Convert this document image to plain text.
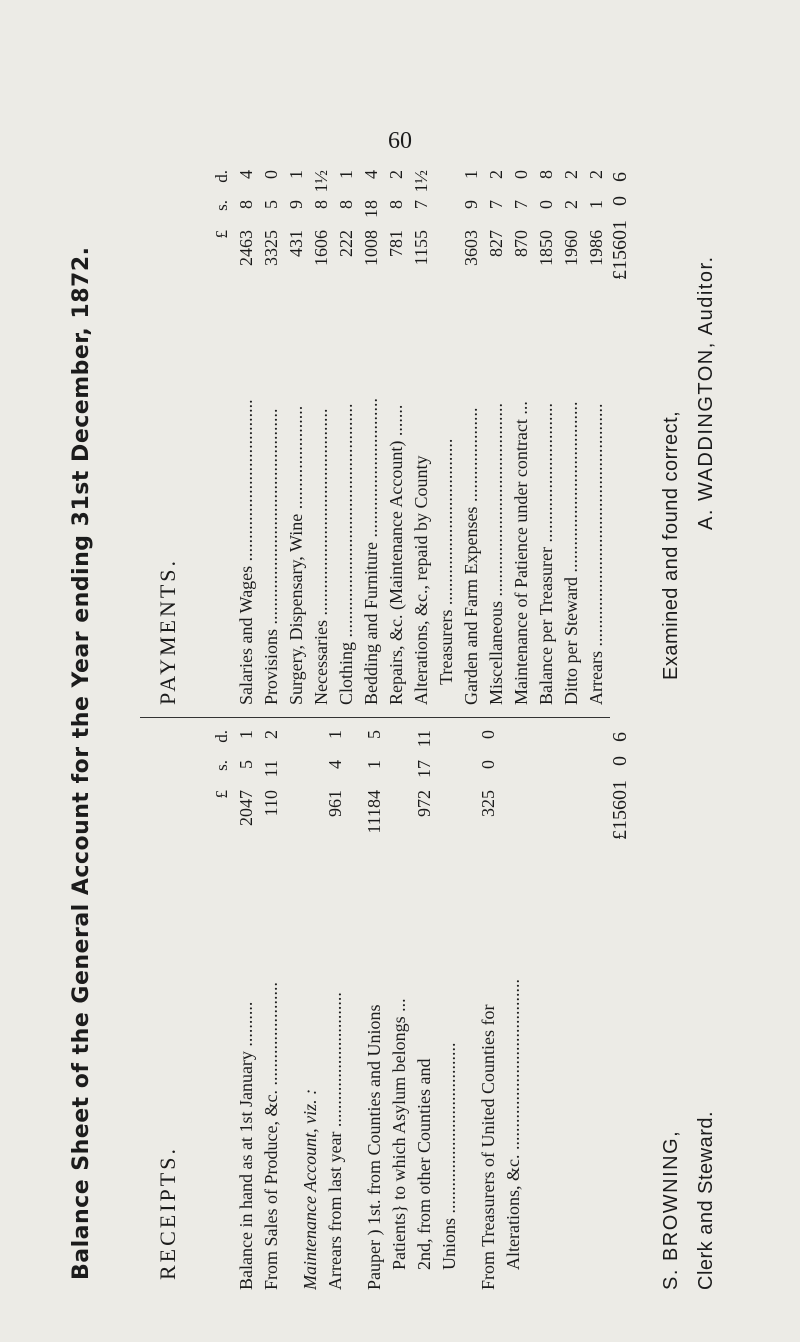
60
Balance Sheet of the General Account for the Year ending 31st December, 1872.	RECEIPTS.
£
s.
d.
Balance in hand as at 1st January ..........
2047
5
1
From Sales of Produce, &c. .......................
110
11
2
Maintenance Account, viz. : Arrears from last year ..............................
961
4
1
Pauper ) 1st. from Counties and Unions
11184
1
5
Patients} to which Asylum belongs ... 2nd, from other Counties and
972
17
11
Unions ...................................... From Treasurers of United Counties for
325
0
0
Alterations, &c. ......................................
£15601
0
6
PAYMENTS.
£
s.
d.
Salaries and Wages ....................................
2463
8
4
Provisions ................................................
3325
5
0
Surgery, Dispensary, Wine .......................
431
9
1
Necessaries ..............................................
1606
8
1½
Clothing ....................................................
222
8
1
Bedding and Furniture ...............................
1008
18
4
Repairs, &c. (Maintenance Account) .......
781
8
2
Alterations, &c., repaid by County
1155
7
1½
Treasurers ..................................... Garden and Farm Expenses .....................
3603
9
1
Miscellaneous ...........................................
827
7
2
Maintenance of Patience under contract ...
870
7
0
Balance per Treasurer ...............................
1850
0
8
Ditto per Steward ......................................
1960
2
2
Arrears ......................................................
1986
1
2
£15601
0
6
S. BROWNING, Clerk and Steward.
Examined and found correct,
A. WADDINGTON, Auditor.
